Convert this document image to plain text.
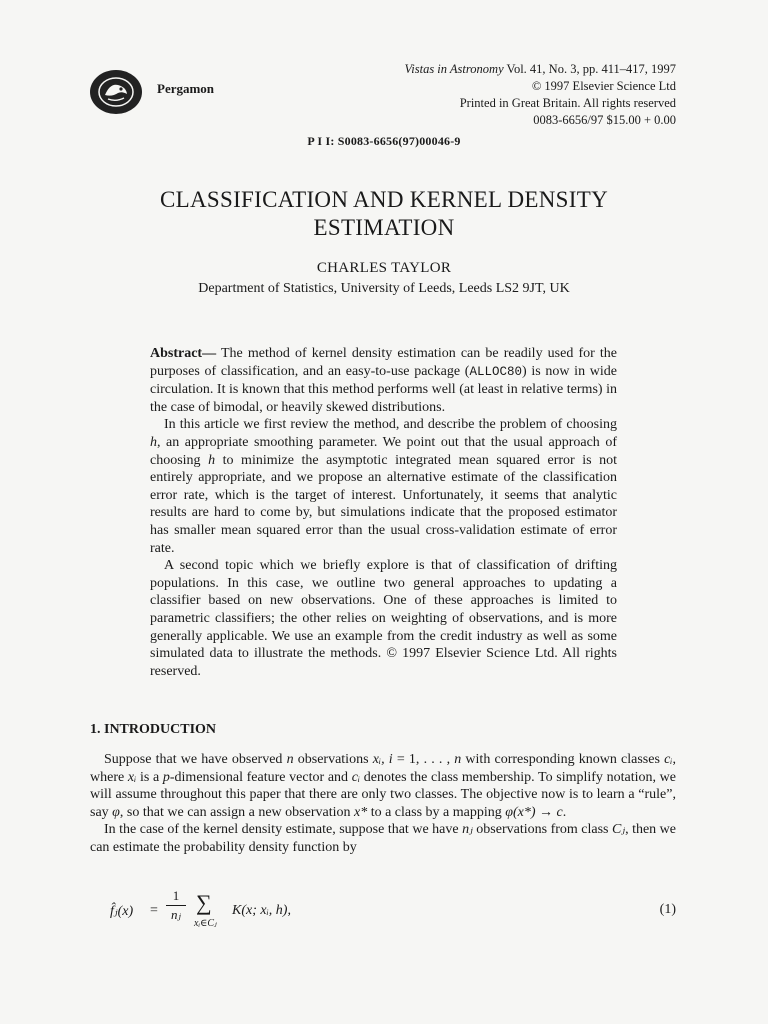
Pergamon
Vistas in Astronomy Vol. 41, No. 3, pp. 411–417, 1997
© 1997 Elsevier Science Ltd
Printed in Great Britain. All rights reserved
0083-6656/97 $15.00 + 0.00
P I I: S0083-6656(97)00046-9
CLASSIFICATION AND KERNEL DENSITY
ESTIMATION
CHARLES TAYLOR
Department of Statistics, University of Leeds, Leeds LS2 9JT, UK

Abstract— The method of kernel density estimation can be readily used for the purposes of classification, and an easy-to-use package (ALLOC80) is now in wide circulation. It is known that this method performs well (at least in relative terms) in the case of bimodal, or heavily skewed distributions.

In this article we first review the method, and describe the problem of choosing h, an appropriate smoothing parameter. We point out that the usual approach of choosing h to minimize the asymptotic integrated mean squared error is not entirely appropriate, and we propose an alternative estimate of the classification error rate, which is the target of interest. Unfortunately, it seems that analytic results are hard to come by, but simulations indicate that the proposed estimator has smaller mean squared error than the usual cross-validation estimate of error rate.

A second topic which we briefly explore is that of classification of drifting populations. In this case, we outline two general approaches to updating a classifier based on new observations. One of these approaches is limited to parametric classifiers; the other relies on weighting of observations, and is more generally applicable. We use an example from the credit industry as well as some simulated data to illustrate the methods. © 1997 Elsevier Science Ltd. All rights reserved.

1. INTRODUCTION

Suppose that we have observed n observations xᵢ, i = 1, . . . , n with corresponding known classes cᵢ, where xᵢ is a p-dimensional feature vector and cᵢ denotes the class membership. To simplify notation, we will assume throughout this paper that there are only two classes. The objective now is to learn a “rule”, say φ, so that we can assign a new observation x* to a class by a mapping φ(x*) → c.

In the case of the kernel density estimate, suppose that we have nⱼ observations from class Cⱼ, then we can estimate the probability density function by

f̂ⱼ(x) =
1
nⱼ ∑
xᵢ∈Cⱼ
K(x; xᵢ, h),	(1)
